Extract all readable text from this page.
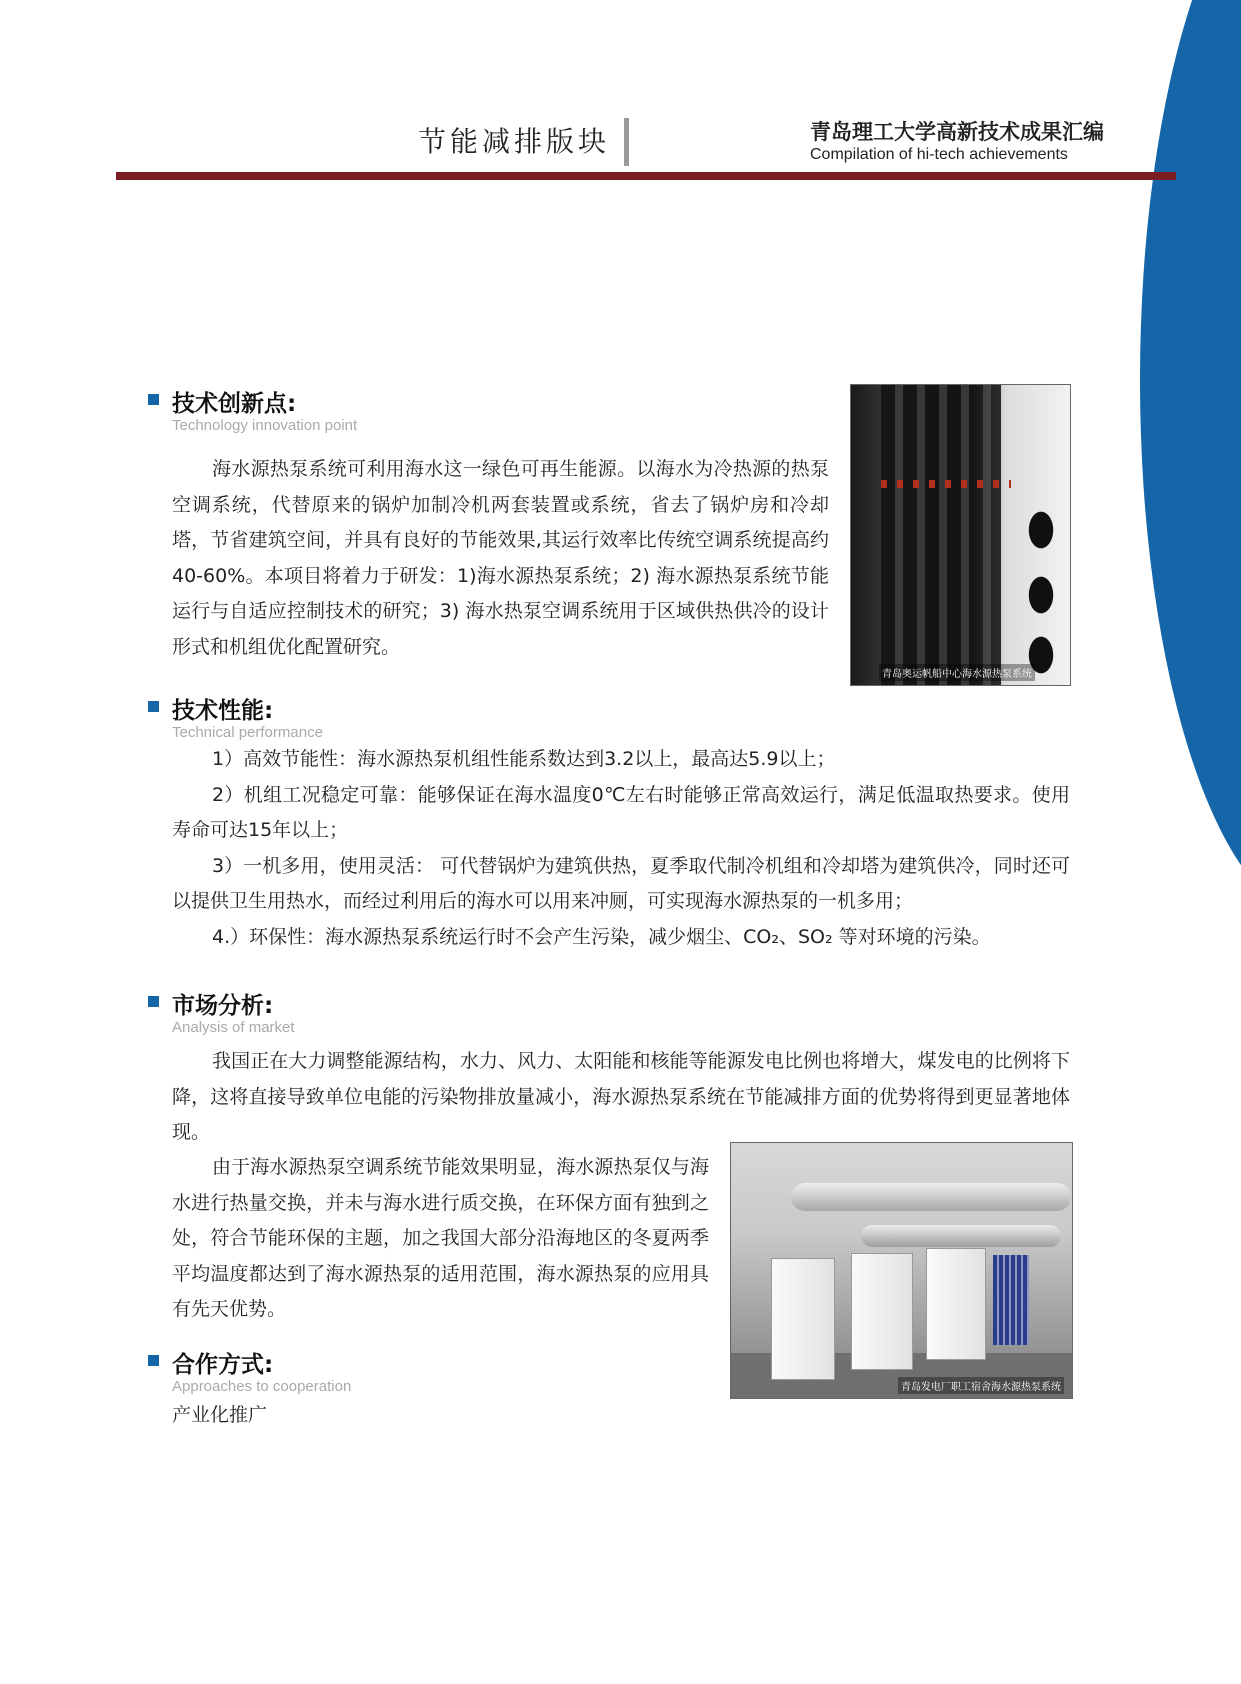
节能减排版块	青岛理工大学高新技术成果汇编
Compilation of hi-tech achievements
技术创新点:
Technology innovation point

海水源热泵系统可利用海水这一绿色可再生能源。以海水为冷热源的热泵空调系统，代替原来的锅炉加制冷机两套装置或系统，省去了锅炉房和冷却塔，节省建筑空间，并具有良好的节能效果,其运行效率比传统空调系统提高约40-60%。本项目将着力于研发：1)海水源热泵系统；2) 海水源热泵系统节能运行与自适应控制技术的研究；3) 海水热泵空调系统用于区域供热供冷的设计形式和机组优化配置研究。

青岛奥运帆船中心海水源热泵系统
技术性能:
Technical performance
1）高效节能性：海水源热泵机组性能系数达到3.2以上，最高达5.9以上；
2）机组工况稳定可靠：能够保证在海水温度0℃左右时能够正常高效运行，满足低温取热要求。使用寿命可达15年以上；
3）一机多用，使用灵活： 可代替锅炉为建筑供热，夏季取代制冷机组和冷却塔为建筑供冷，同时还可以提供卫生用热水，而经过利用后的海水可以用来冲厕，可实现海水源热泵的一机多用；
4.）环保性：海水源热泵系统运行时不会产生污染，减少烟尘、CO₂、SO₂ 等对环境的污染。
市场分析:
Analysis of market

我国正在大力调整能源结构，水力、风力、太阳能和核能等能源发电比例也将增大，煤发电的比例将下降，这将直接导致单位电能的污染物排放量减小，海水源热泵系统在节能减排方面的优势将得到更显著地体现。

由于海水源热泵空调系统节能效果明显，海水源热泵仅与海水进行热量交换，并未与海水进行质交换，在环保方面有独到之处，符合节能环保的主题，加之我国大部分沿海地区的冬夏两季平均温度都达到了海水源热泵的适用范围，海水源热泵的应用具有先天优势。

青岛发电厂职工宿舍海水源热泵系统
合作方式:
Approaches to cooperation

产业化推广
